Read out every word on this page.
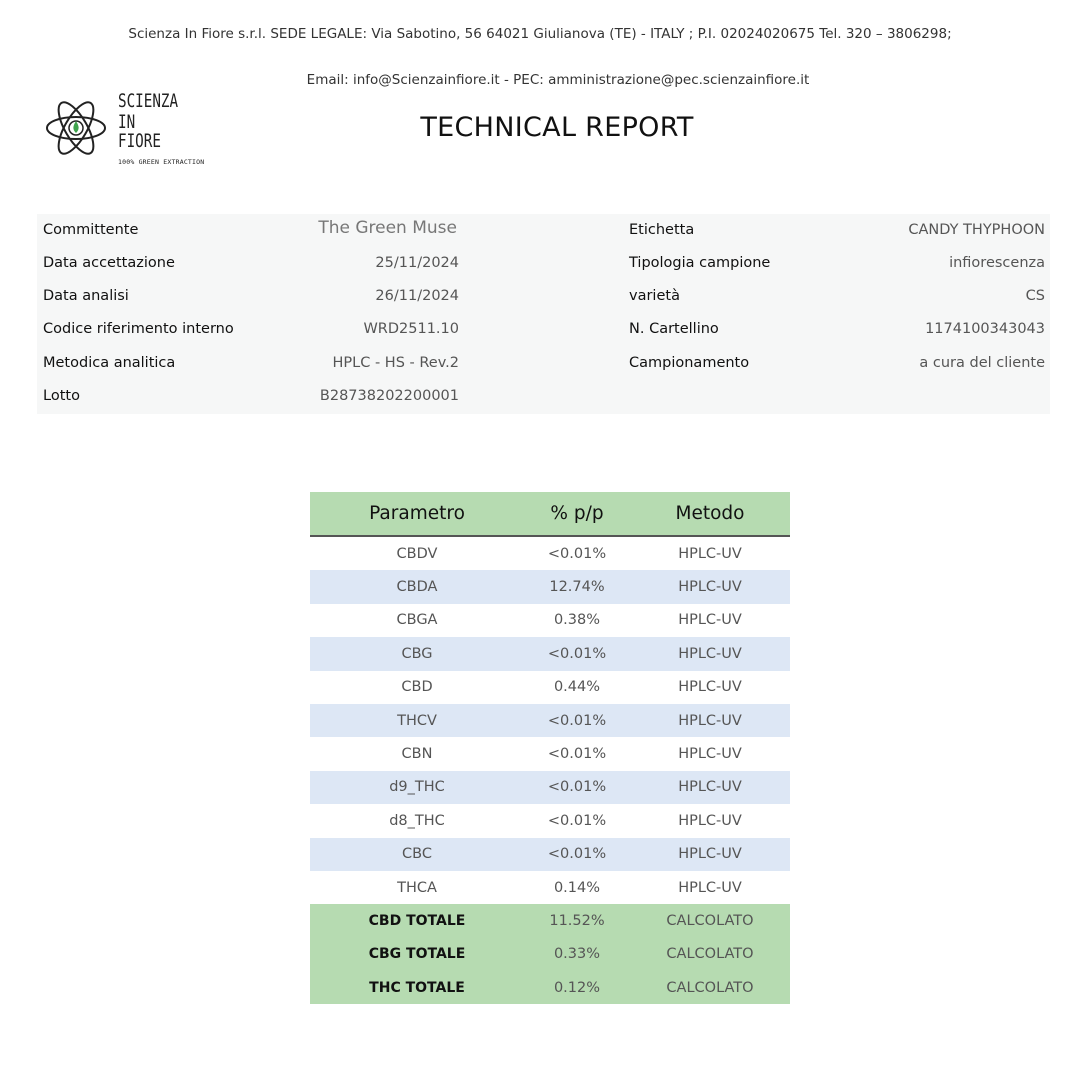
Scienza In Fiore s.r.l. SEDE LEGALE: Via Sabotino, 56 64021 Giulianova (TE) - ITALY ; P.I. 02024020675 Tel. 320 – 3806298;
Email: info@Scienzainfiore.it - PEC: amministrazione@pec.scienzainfiore.it
SCIENZA
IN FIORE
100% GREEN EXTRACTION
TECHNICAL REPORT
Committente	The Green Muse
Data accettazione	25/11/2024
Data analisi	26/11/2024
Codice riferimento interno	WRD2511.10
Metodica analitica	HPLC - HS - Rev.2
Lotto	B28738202200001
Etichetta	CANDY THYPHOON
Tipologia campione	infiorescenza
varietà	CS
N. Cartellino	1174100343043
Campionamento	a cura del cliente
Parametro	% p/p	Metodo
CBDV	<0.01%	HPLC-UV
CBDA	12.74%	HPLC-UV
CBGA	0.38%	HPLC-UV
CBG	<0.01%	HPLC-UV
CBD	0.44%	HPLC-UV
THCV	<0.01%	HPLC-UV
CBN	<0.01%	HPLC-UV
d9_THC	<0.01%	HPLC-UV
d8_THC	<0.01%	HPLC-UV
CBC	<0.01%	HPLC-UV
THCA	0.14%	HPLC-UV
CBD TOTALE	11.52%	CALCOLATO
CBG TOTALE	0.33%	CALCOLATO
THC TOTALE	0.12%	CALCOLATO
